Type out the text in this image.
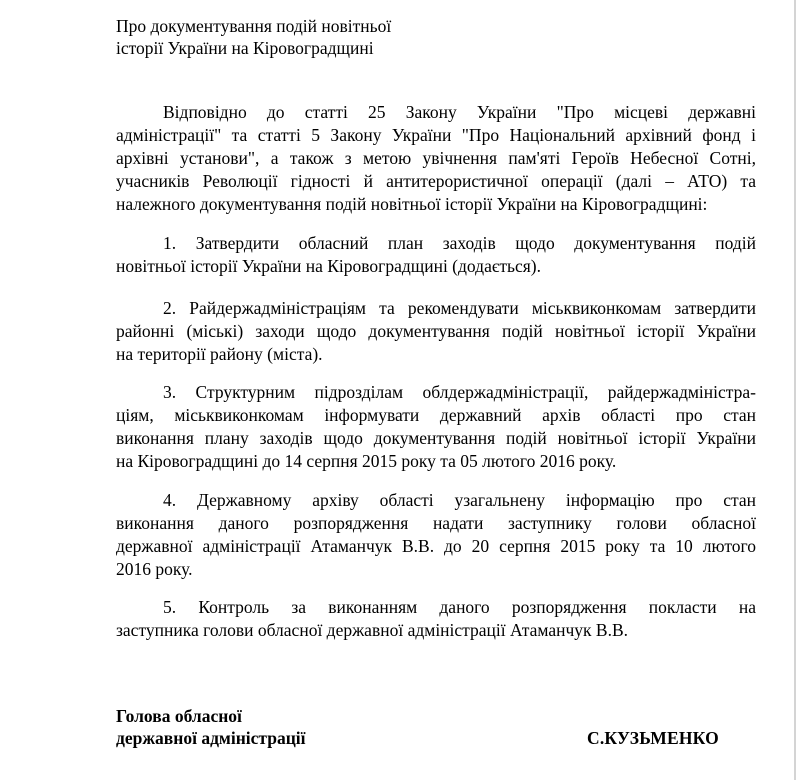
Про документування подій новітньої
історії України на Кіровоградщині
Відповідно до статті 25 Закону України "Про місцеві державні
адміністрації" та статті 5 Закону України "Про Національний архівний фонд і
архівні установи", а також з метою увічнення пам'яті Героїв Небесної Сотні,
учасників Революції гідності й антитерористичної операції (далі – АТО) та
належного документування подій новітньої історії України на Кіровоградщині:
1. Затвердити обласний план заходів щодо документування подій
новітньої історії України на Кіровоградщині (додається).
2. Райдержадміністраціям та рекомендувати міськвиконкомам затвердити
районні (міські) заходи щодо документування подій новітньої історії України
на території району (міста).
3. Структурним підрозділам облдержадміністрації, райдержадміністра-
ціям, міськвиконкомам інформувати державний архів області про стан
виконання плану заходів щодо документування подій новітньої історії України
на Кіровоградщині до 14 серпня 2015 року та 05 лютого 2016 року.
4. Державному архіву області узагальнену інформацію про стан
виконання даного розпорядження надати заступнику голови обласної
державної адміністрації Атаманчук В.В. до 20 серпня 2015 року та 10 лютого
2016 року.
5. Контроль за виконанням даного розпорядження покласти на
заступника голови обласної державної адміністрації Атаманчук В.В.
Голова обласної
державної адміністрації	С.КУЗЬМЕНКО
